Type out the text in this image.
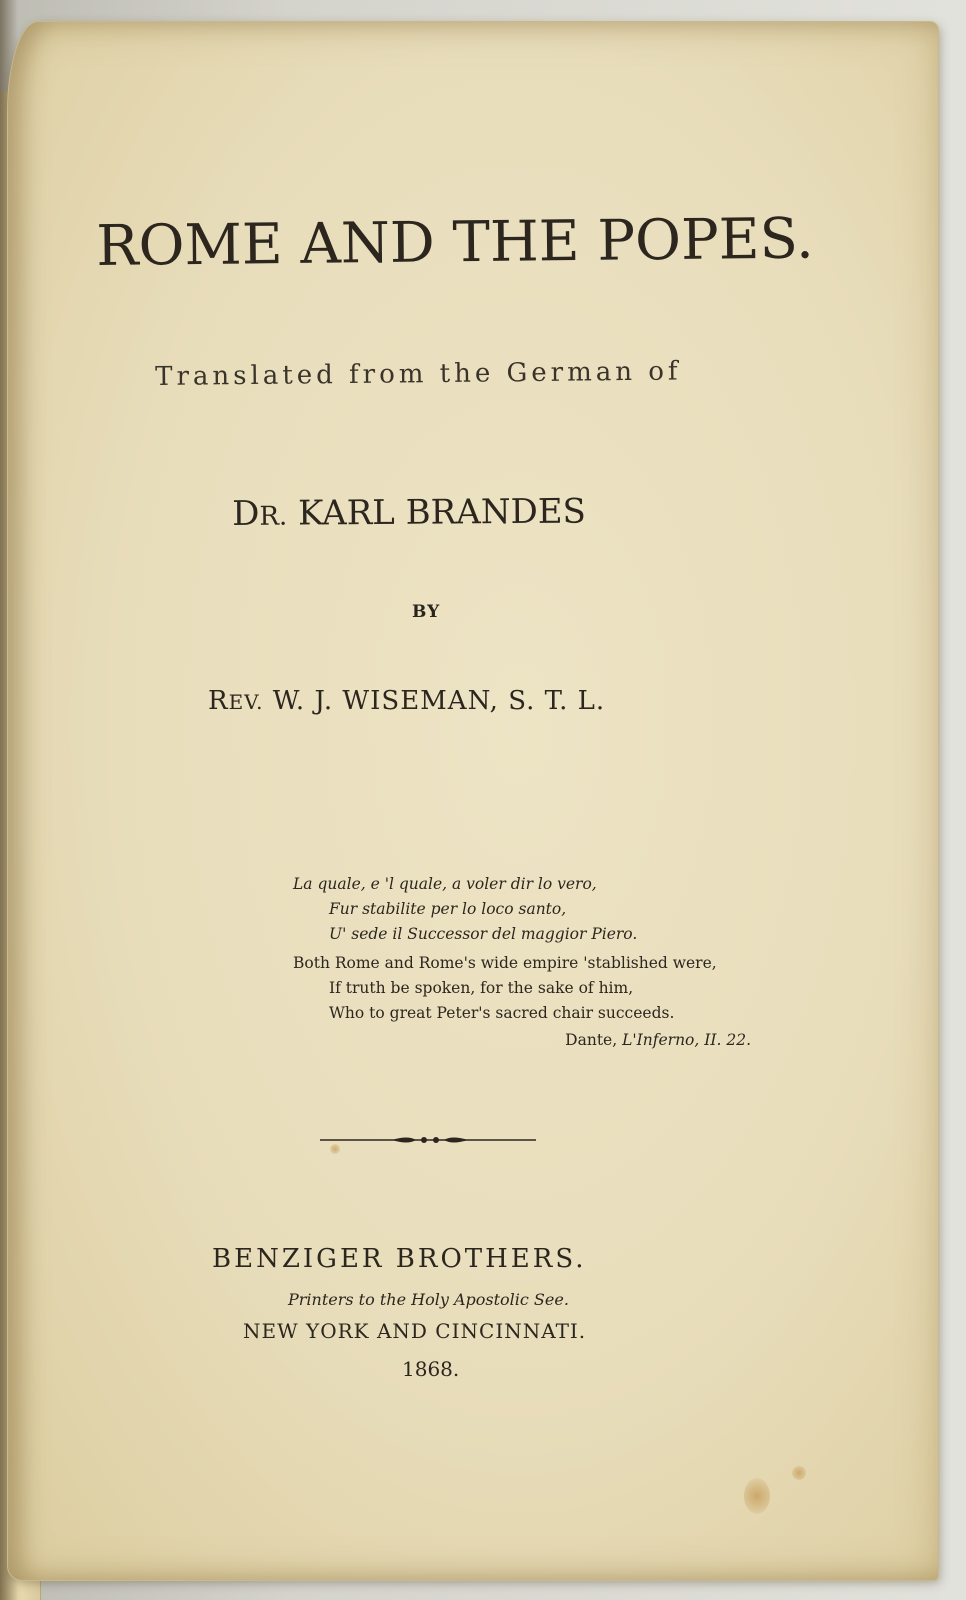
ROME AND THE POPES.
Translated from the German of
DR. KARL BRANDES
BY
REV. W. J. WISEMAN, S. T. L.
La quale, e 'l quale, a voler dir lo vero,
Fur stabilite per lo loco santo,
U' sede il Successor del maggior Piero.
Both Rome and Rome's wide empire 'stablished were,
If truth be spoken, for the sake of him,
Who to great Peter's sacred chair succeeds.
Dante, L'Inferno, II. 22.
BENZIGER BROTHERS.
Printers to the Holy Apostolic See.
NEW YORK AND CINCINNATI.
1868.
